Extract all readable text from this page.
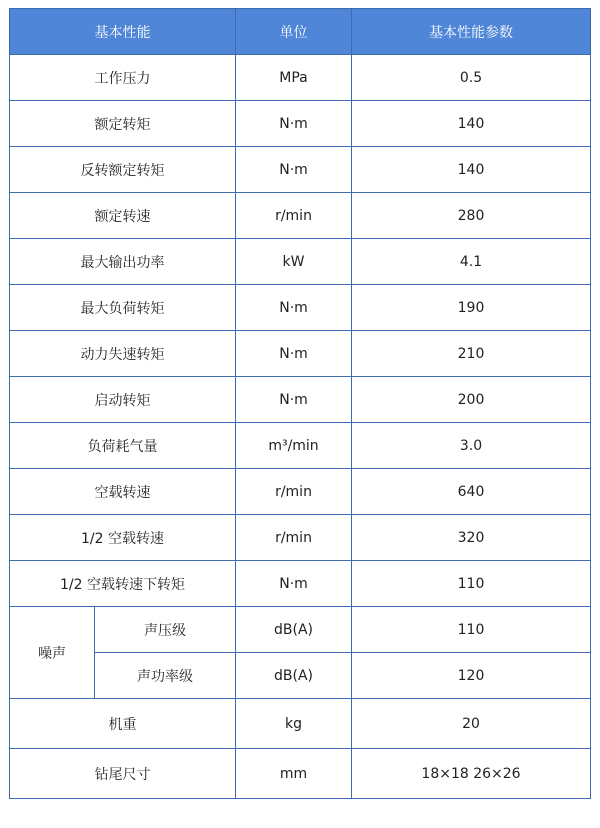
基本性能		单位	基本性能参数
工作压力		MPa	0.5
额定转矩		N·m	140
反转额定转矩		N·m	140
额定转速		r/min	280
最大输出功率		kW	4.1
最大负荷转矩		N·m	190
动力失速转矩		N·m	210
启动转矩		N·m	200
负荷耗气量		m³/min	3.0
空载转速		r/min	640
1/2 空载转速		r/min	320
1/2 空载转速下转矩		N·m	110
噪声	声压级	dB(A)	110
	声功率级	dB(A)	120
机重		kg	20
钻尾尺寸		mm	18×18 26×26
